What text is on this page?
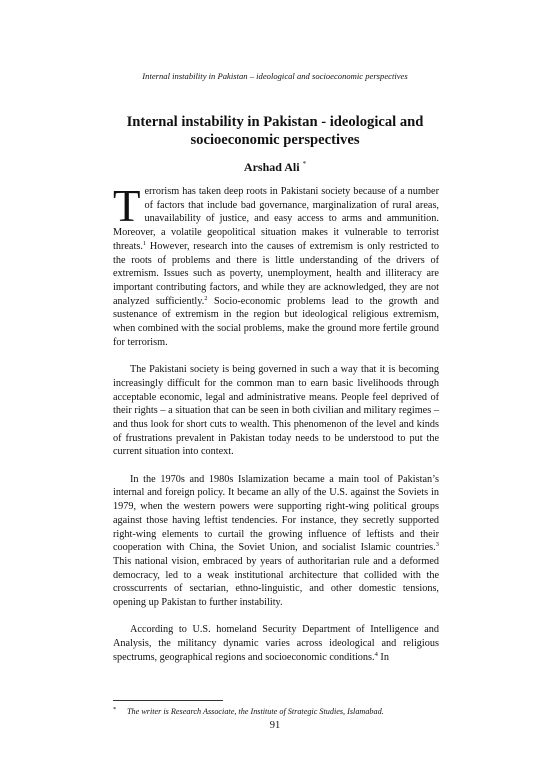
Internal instability in Pakistan – ideological and socioeconomic perspectives
Internal instability in Pakistan - ideological and socioeconomic perspectives
Arshad Ali *

Terrorism has taken deep roots in Pakistani society because of a number of factors that include bad governance, marginalization of rural areas, unavailability of justice, and easy access to arms and ammunition. Moreover, a volatile geopolitical situation makes it vulnerable to terrorist threats.$^1$ However, research into the causes of extremism is only restricted to the roots of problems and there is little understanding of the drivers of extremism. Issues such as poverty, unemployment, health and illiteracy are important contributing factors, and while they are acknowledged, they are not analyzed sufficiently.$^2$ Socio-economic problems lead to the growth and sustenance of extremism in the region but ideological religious extremism, when combined with the social problems, make the ground more fertile ground for terrorism.

The Pakistani society is being governed in such a way that it is becoming increasingly difficult for the common man to earn basic livelihoods through acceptable economic, legal and administrative means. People feel deprived of their rights – a situation that can be seen in both civilian and military regimes – and thus look for short cuts to wealth. This phenomenon of the level and kinds of frustrations prevalent in Pakistan today needs to be understood to put the current situation into context.

In the 1970s and 1980s Islamization became a main tool of Pakistan’s internal and foreign policy. It became an ally of the U.S. against the Soviets in 1979, when the western powers were supporting right-wing political groups against those having leftist tendencies. For instance, they secretly supported right-wing elements to curtail the growing influence of leftists and their cooperation with China, the Soviet Union, and socialist Islamic countries.$^3$ This national vision, embraced by years of authoritarian rule and a deformed democracy, led to a weak institutional architecture that collided with the crosscurrents of sectarian, ethno-linguistic, and other domestic tensions, opening up Pakistan to further instability.

According to U.S. homeland Security Department of Intelligence and Analysis, the militancy dynamic varies across ideological and religious spectrums, geographical regions and socioeconomic conditions.$^4$ In

* The writer is Research Associate, the Institute of Strategic Studies, Islamabad.
91
